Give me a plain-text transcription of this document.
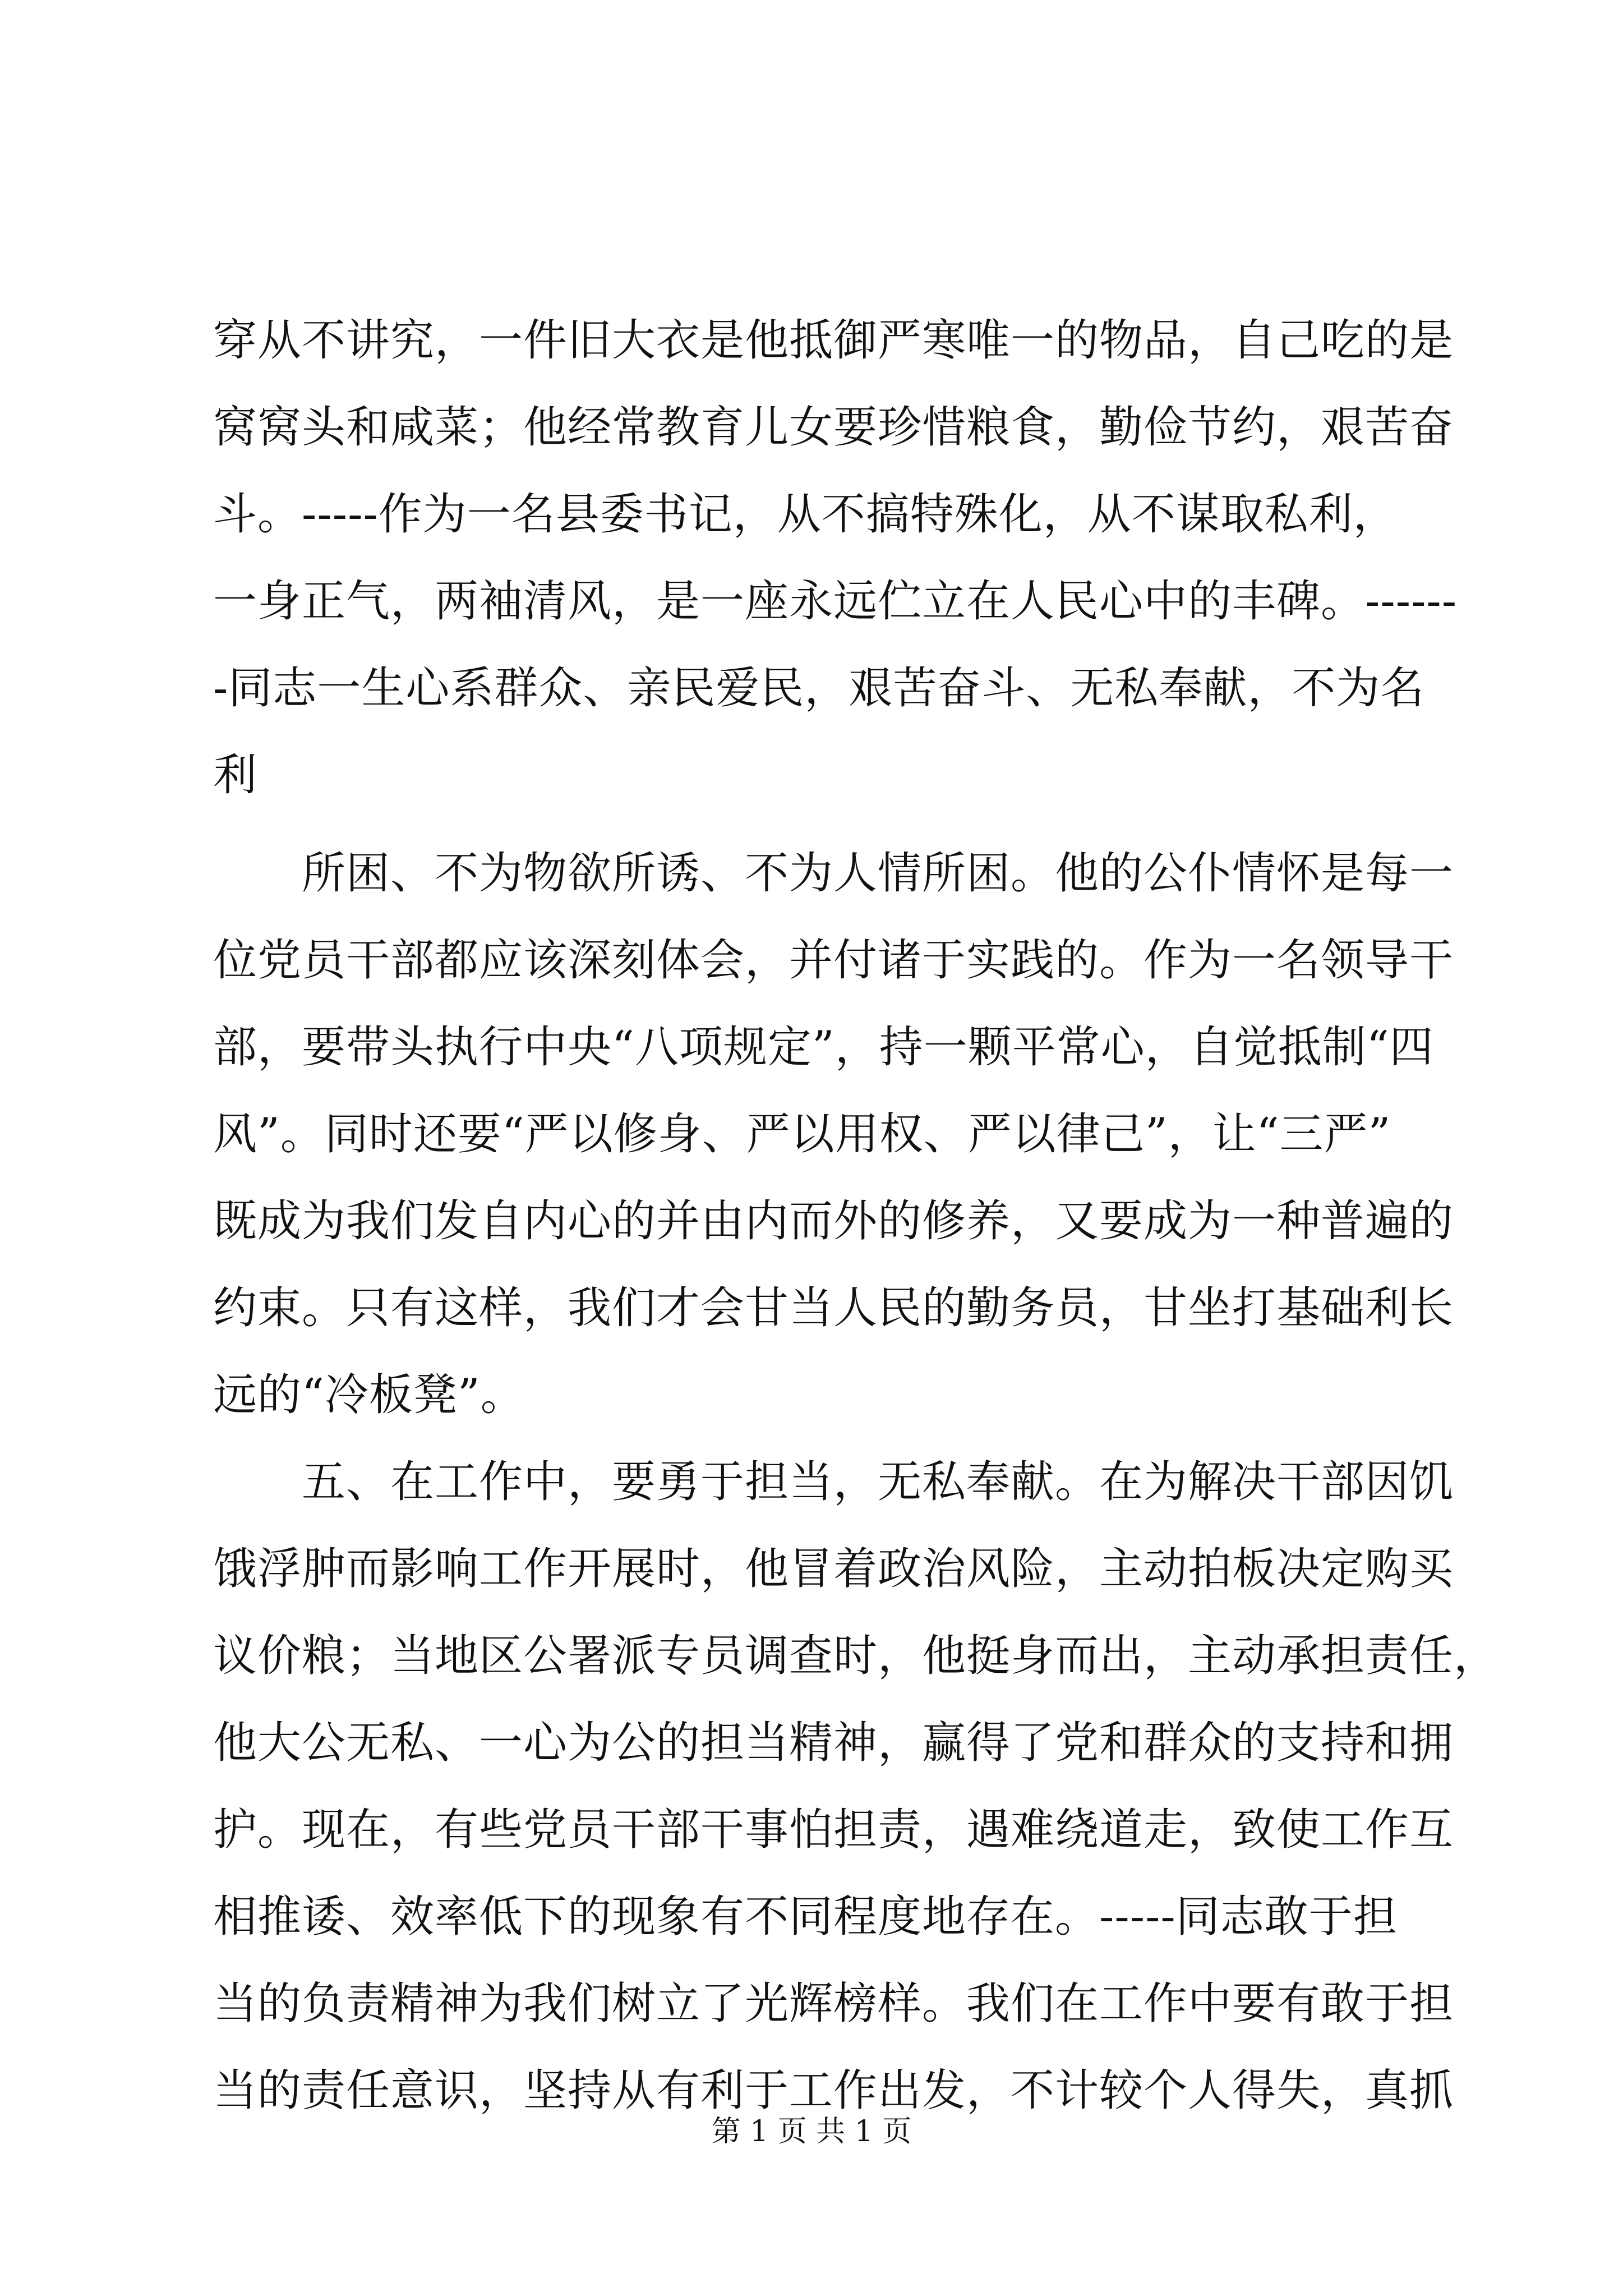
穿从不讲究，一件旧大衣是他抵御严寒唯一的物品，自己吃的是
窝窝头和咸菜；他经常教育儿女要珍惜粮食，勤俭节约，艰苦奋
斗。-----作为一名县委书记，从不搞特殊化，从不谋取私利，
一身正气，两袖清风，是一座永远伫立在人民心中的丰碑。------
-同志一生心系群众、亲民爱民，艰苦奋斗、无私奉献，不为名
利
　　所困、不为物欲所诱、不为人情所困。他的公仆情怀是每一
位党员干部都应该深刻体会，并付诸于实践的。作为一名领导干
部，要带头执行中央“八项规定”，持一颗平常心，自觉抵制“四
风”。同时还要“严以修身、严以用权、严以律己”，让“三严”
既成为我们发自内心的并由内而外的修养，又要成为一种普遍的
约束。只有这样，我们才会甘当人民的勤务员，甘坐打基础利长
远的“冷板凳”。
　　五、在工作中，要勇于担当，无私奉献。在为解决干部因饥
饿浮肿而影响工作开展时，他冒着政治风险，主动拍板决定购买
议价粮；当地区公署派专员调查时，他挺身而出，主动承担责任，
他大公无私、一心为公的担当精神，赢得了党和群众的支持和拥
护。现在，有些党员干部干事怕担责，遇难绕道走，致使工作互
相推诿、效率低下的现象有不同程度地存在。-----同志敢于担
当的负责精神为我们树立了光辉榜样。我们在工作中要有敢于担
当的责任意识，坚持从有利于工作出发，不计较个人得失，真抓
第 1 页 共 1 页
